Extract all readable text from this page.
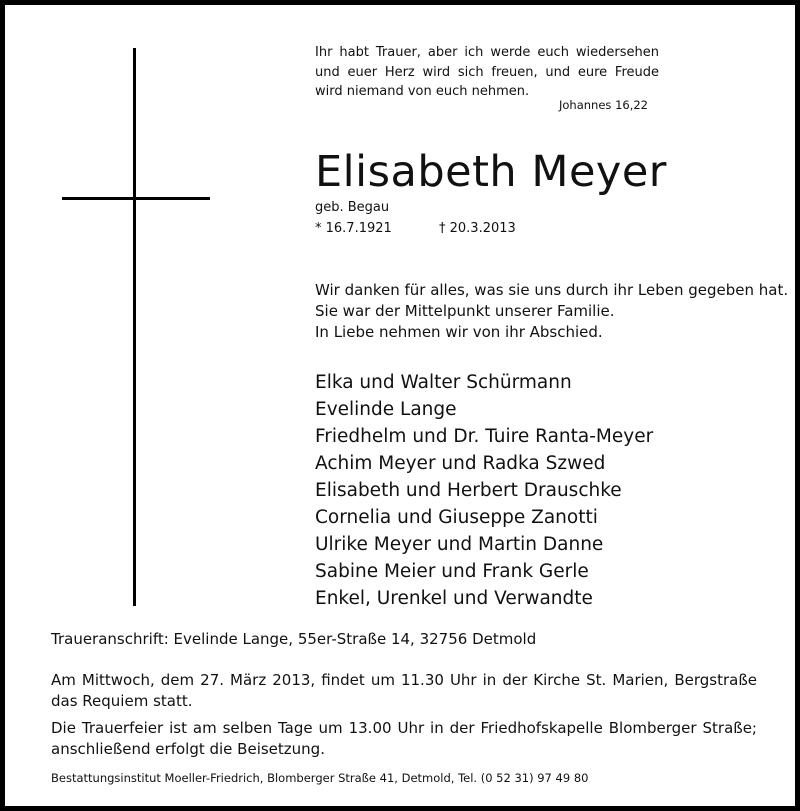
Ihr habt Trauer, aber ich werde euch wiedersehen und euer Herz wird sich freuen, und eure Freude wird niemand von euch nehmen.

Johannes 16,22

Elisabeth Meyer

geb. Begau

* 16.7.1921	† 20.3.2013

Wir danken für alles, was sie uns durch ihr Leben gegeben hat.
Sie war der Mittelpunkt unserer Familie.
In Liebe nehmen wir von ihr Abschied.
Elka und Walter Schürmann
Evelinde Lange
Friedhelm und Dr. Tuire Ranta-Meyer
Achim Meyer und Radka Szwed
Elisabeth und Herbert Drauschke
Cornelia und Giuseppe Zanotti
Ulrike Meyer und Martin Danne
Sabine Meier und Frank Gerle
Enkel, Urenkel und Verwandte

Traueranschrift: Evelinde Lange, 55er-Straße 14, 32756 Detmold

Am Mittwoch, dem 27. März 2013, findet um 11.30 Uhr in der Kirche St. Marien, Bergstraße das Requiem statt.

Die Trauerfeier ist am selben Tage um 13.00 Uhr in der Friedhofskapelle Blomberger Straße; anschließend erfolgt die Beisetzung.

Bestattungsinstitut Moeller-Friedrich, Blomberger Straße 41, Detmold, Tel. (0 52 31) 97 49 80
